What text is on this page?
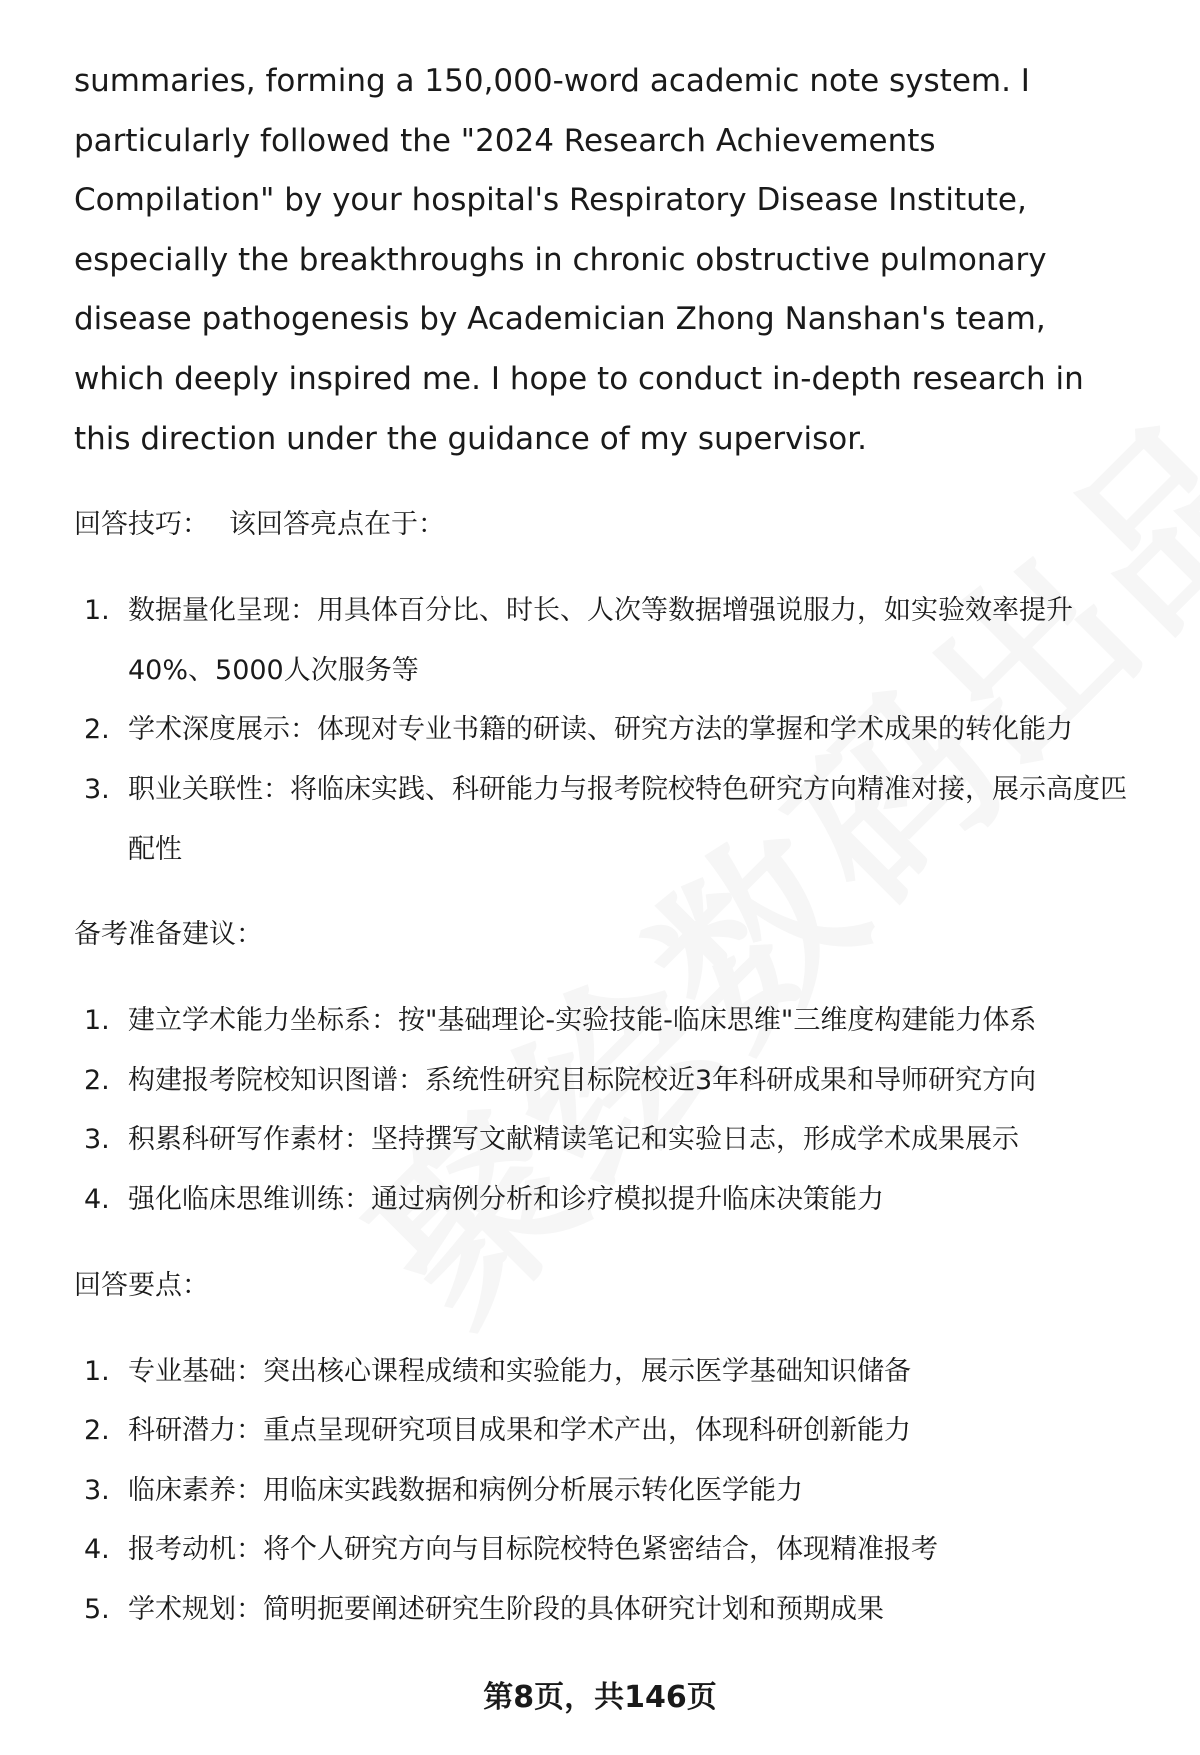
summaries, forming a 150,000-word academic note system. I particularly followed the "2024 Research Achievements Compilation" by your hospital's Respiratory Disease Institute, especially the breakthroughs in chronic obstructive pulmonary disease pathogenesis by Academician Zhong Nanshan's team, which deeply inspired me. I hope to conduct in-depth research in this direction under the guidance of my supervisor.

回答技巧： 该回答亮点在于：
1. 数据量化呈现：用具体百分比、时长、人次等数据增强说服力，如实验效率提升40%、5000人次服务等
2. 学术深度展示：体现对专业书籍的研读、研究方法的掌握和学术成果的转化能力
3. 职业关联性：将临床实践、科研能力与报考院校特色研究方向精准对接，展示高度匹配性
备考准备建议：
1. 建立学术能力坐标系：按"基础理论-实验技能-临床思维"三维度构建能力体系
2. 构建报考院校知识图谱：系统性研究目标院校近3年科研成果和导师研究方向
3. 积累科研写作素材：坚持撰写文献精读笔记和实验日志，形成学术成果展示
4. 强化临床思维训练：通过病例分析和诊疗模拟提升临床决策能力
回答要点：
1. 专业基础：突出核心课程成绩和实验能力，展示医学基础知识储备
2. 科研潜力：重点呈现研究项目成果和学术产出，体现科研创新能力
3. 临床素养：用临床实践数据和病例分析展示转化医学能力
4. 报考动机：将个人研究方向与目标院校特色紧密结合，体现精准报考
5. 学术规划：简明扼要阐述研究生阶段的具体研究计划和预期成果
第8页，共146页
